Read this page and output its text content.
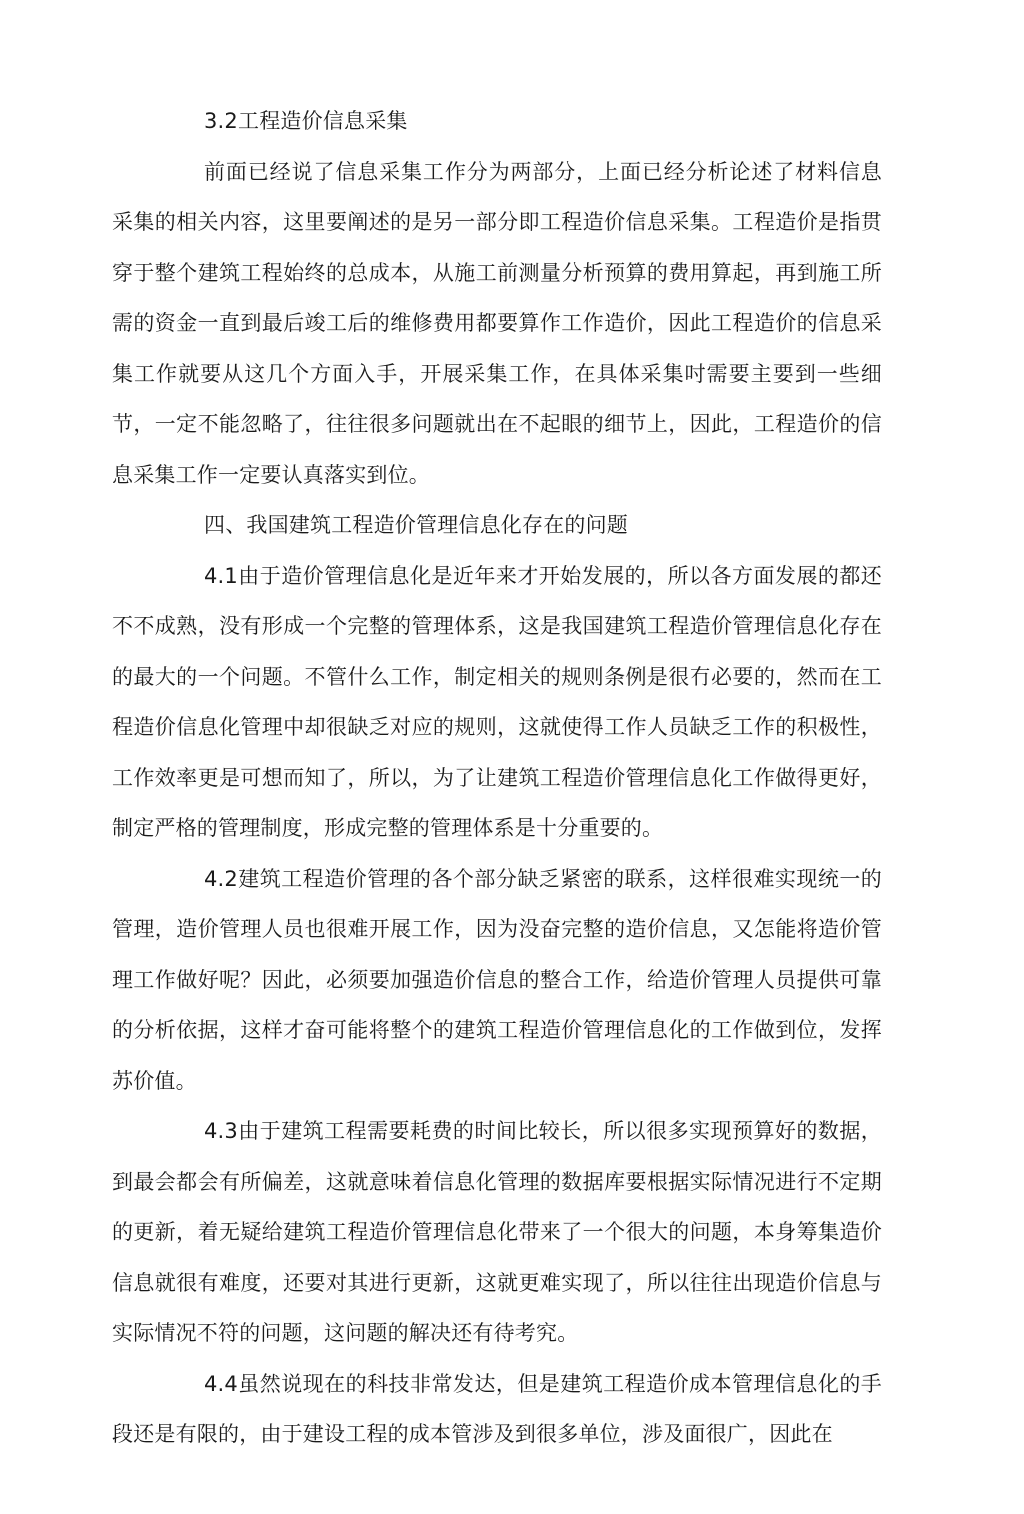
3.2工程造价信息采集

前面已经说了信息采集工作分为两部分，上面已经分析论述了材料信息采集的相关内容，这里要阐述的是另一部分即工程造价信息采集。工程造价是指贯穿于整个建筑工程始终的总成本，从施工前测量分析预算的费用算起，再到施工所需的资金一直到最后竣工后的维修费用都要算作工作造价，因此工程造价的信息采集工作就要从这几个方面入手，开展采集工作，在具体采集吋需要主要到一些细节，一定不能忽略了，往往很多问题就出在不起眼的细节上，因此，工程造价的信息采集工作一定要认真落实到位。

四、我国建筑工程造价管理信息化存在的问题

4.1由于造价管理信息化是近年来才开始发展的，所以各方面发展的都还不不成熟，没有形成一个完整的管理体系，这是我国建筑工程造价管理信息化存在的最大的一个问题。不管什么工作，制定相关的规则条例是很冇必要的，然而在工程造价信息化管理中却很缺乏对应的规则，这就使得工作人员缺乏工作的积极性，工作效率更是可想而知了，所以，为了让建筑工程造价管理信息化工作做得更好，制定严格的管理制度，形成完整的管理体系是十分重要的。

4.2建筑工程造价管理的各个部分缺乏紧密的联系，这样很难实现统一的管理，造价管理人员也很难开展工作，因为没奋完整的造价信息，又怎能将造价管理工作做好呢？因此，必须要加强造价信息的整合工作，给造价管理人员提供可靠的分析依据，这样才奋可能将整个的建筑工程造价管理信息化的工作做到位，发挥苏价值。

4.3由于建筑工程需要耗费的时间比较长，所以很多实现预算好的数据，到最会都会有所偏差，这就意味着信息化管理的数据库要根据实际情况进行不定期的更新，着无疑给建筑工程造价管理信息化带来了一个很大的问题，本身筹集造价信息就很有难度，还要对其进行更新，这就更难实现了，所以往往出现造价信息与实际情况不符的问题，这问题的解决还有待考究。

4.4虽然说现在的科技非常发达，但是建筑工程造价成本管理信息化的手段还是有限的，由于建设工程的成本管涉及到很多单位，涉及面很广，因此在
